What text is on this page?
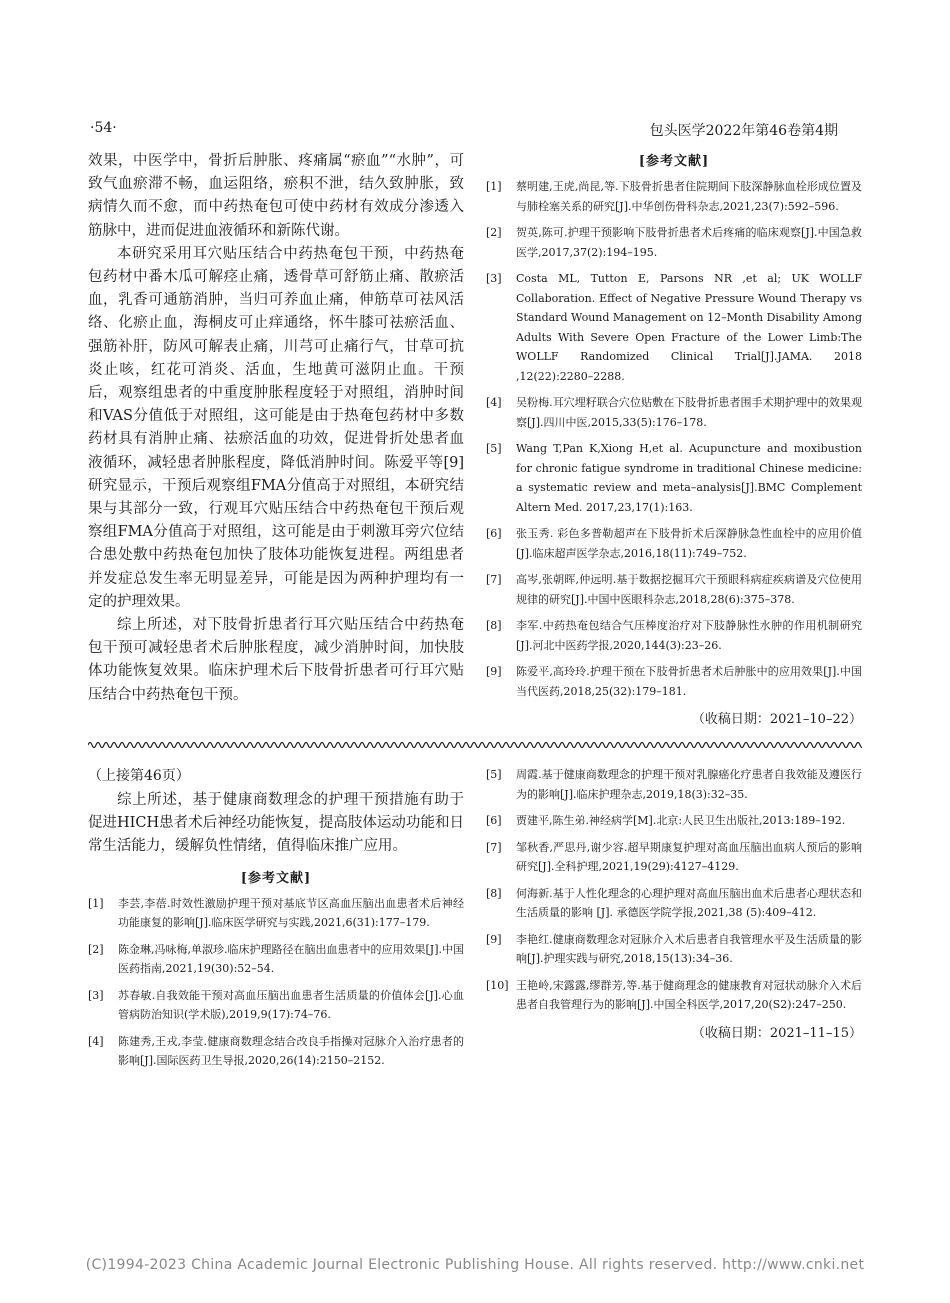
·54·	包头医学2022年第46卷第4期

效果，中医学中，骨折后肿胀、疼痛属“瘀血”“水肿”，可致气血瘀滞不畅，血运阻络，瘀积不泄，结久致肿胀，致病情久而不愈，而中药热奄包可使中药材有效成分渗透入筋脉中，进而促进血液循环和新陈代谢。

本研究采用耳穴贴压结合中药热奄包干预，中药热奄包药材中番木瓜可解痉止痛，透骨草可舒筋止痛、散瘀活血，乳香可通筋消肿，当归可养血止痛，伸筋草可祛风活络、化瘀止血，海桐皮可止痒通络，怀牛膝可祛瘀活血、强筋补肝，防风可解表止痛，川芎可止痛行气，甘草可抗炎止咳，红花可消炎、活血，生地黄可滋阴止血。干预后，观察组患者的中重度肿胀程度轻于对照组，消肿时间和VAS分值低于对照组，这可能是由于热奄包药材中多数药材具有消肿止痛、祛瘀活血的功效，促进骨折处患者血液循环，减轻患者肿胀程度，降低消肿时间。陈爱平等[9]研究显示，干预后观察组FMA分值高于对照组，本研究结果与其部分一致，行观耳穴贴压结合中药热奄包干预后观察组FMA分值高于对照组，这可能是由于刺激耳旁穴位结合患处敷中药热奄包加快了肢体功能恢复进程。两组患者并发症总发生率无明显差异，可能是因为两种护理均有一定的护理效果。

综上所述，对下肢骨折患者行耳穴贴压结合中药热奄包干预可减轻患者术后肿胀程度，减少消肿时间，加快肢体功能恢复效果。临床护理术后下肢骨折患者可行耳穴贴压结合中药热奄包干预。

[参考文献]
[1]	蔡明建,王虎,尚昆,等.下肢骨折患者住院期间下肢深静脉血栓形成位置及与肺栓塞关系的研究[J].中华创伤骨科杂志,2021,23(7):592–596.
[2]	贺英,陈可.护理干预影响下肢骨折患者术后疼痛的临床观察[J].中国急救医学,2017,37(2):194–195.
[3]	Costa ML, Tutton E, Parsons NR ,et al; UK WOLLF Collaboration. Effect of Negative Pressure Wound Therapy vs Standard Wound Management on 12–Month Disability Among Adults With Severe Open Fracture of the Lower Limb:The WOLLF Randomized Clinical Trial[J].JAMA. 2018 ,12(22):2280–2288.
[4]	吴粉梅.耳穴埋籽联合穴位贴敷在下肢骨折患者围手术期护理中的效果观察[J].四川中医,2015,33(5):176–178.
[5]	Wang T,Pan K,Xiong H,et al. Acupuncture and moxibustion for chronic fatigue syndrome in traditional Chinese medicine: a systematic review and meta–analysis[J].BMC Complement Altern Med. 2017,23,17(1):163.
[6]	张玉秀. 彩色多普勒超声在下肢骨折术后深静脉急性血栓中的应用价值[J].临床超声医学杂志,2016,18(11):749–752.
[7]	高岑,张朝晖,仲远明.基于数据挖掘耳穴干预眼科病症疾病谱及穴位使用规律的研究[J].中国中医眼科杂志,2018,28(6):375–378.
[8]	李军.中药热奄包结合气压棒度治疗对下肢静脉性水肿的作用机制研究[J].河北中医药学报,2020,144(3):23–26.
[9]	陈爱平,高玲玲.护理干预在下肢骨折患者术后肿胀中的应用效果[J].中国当代医药,2018,25(32):179–181.
（收稿日期：2021–10–22）

（上接第46页）

综上所述，基于健康商数理念的护理干预措施有助于促进HICH患者术后神经功能恢复，提高肢体运动功能和日常生活能力，缓解负性情绪，值得临床推广应用。

[参考文献]
[1]	李芸,李蓓.时效性激励护理干预对基底节区高血压脑出血患者术后神经功能康复的影响[J].临床医学研究与实践,2021,6(31):177–179.
[2]	陈金琳,冯咏梅,单淑珍.临床护理路径在脑出血患者中的应用效果[J].中国医药指南,2021,19(30):52–54.
[3]	苏春敏.自我效能干预对高血压脑出血患者生活质量的价值体会[J].心血管病防治知识(学术版),2019,9(17):74–76.
[4]	陈建秀,王戎,李莹.健康商数理念结合改良手指操对冠脉介入治疗患者的影响[J].国际医药卫生导报,2020,26(14):2150–2152.
[5]	周霞.基于健康商数理念的护理干预对乳腺癌化疗患者自我效能及遵医行为的影响[J].临床护理杂志,2019,18(3):32–35.
[6]	贾建平,陈生弟.神经病学[M].北京:人民卫生出版社,2013:189–192.
[7]	邹秋香,严思丹,谢少容.超早期康复护理对高血压脑出血病人预后的影响研究[J].全科护理,2021,19(29):4127–4129.
[8]	何海新.基于人性化理念的心理护理对高血压脑出血术后患者心理状态和生活质量的影响 [J]. 承德医学院学报,2021,38 (5):409–412.
[9]	李艳红.健康商数理念对冠脉介入术后患者自我管理水平及生活质量的影响[J].护理实践与研究,2018,15(13):34–36.
[10] 王艳岭,宋露露,缪群芳,等.基于健商理念的健康教育对冠状动脉介入术后患者自我管理行为的影响[J].中国全科医学,2017,20(S2):247–250.
（收稿日期：2021–11–15）
(C)1994-2023 China Academic Journal Electronic Publishing House. All rights reserved. http://www.cnki.net
